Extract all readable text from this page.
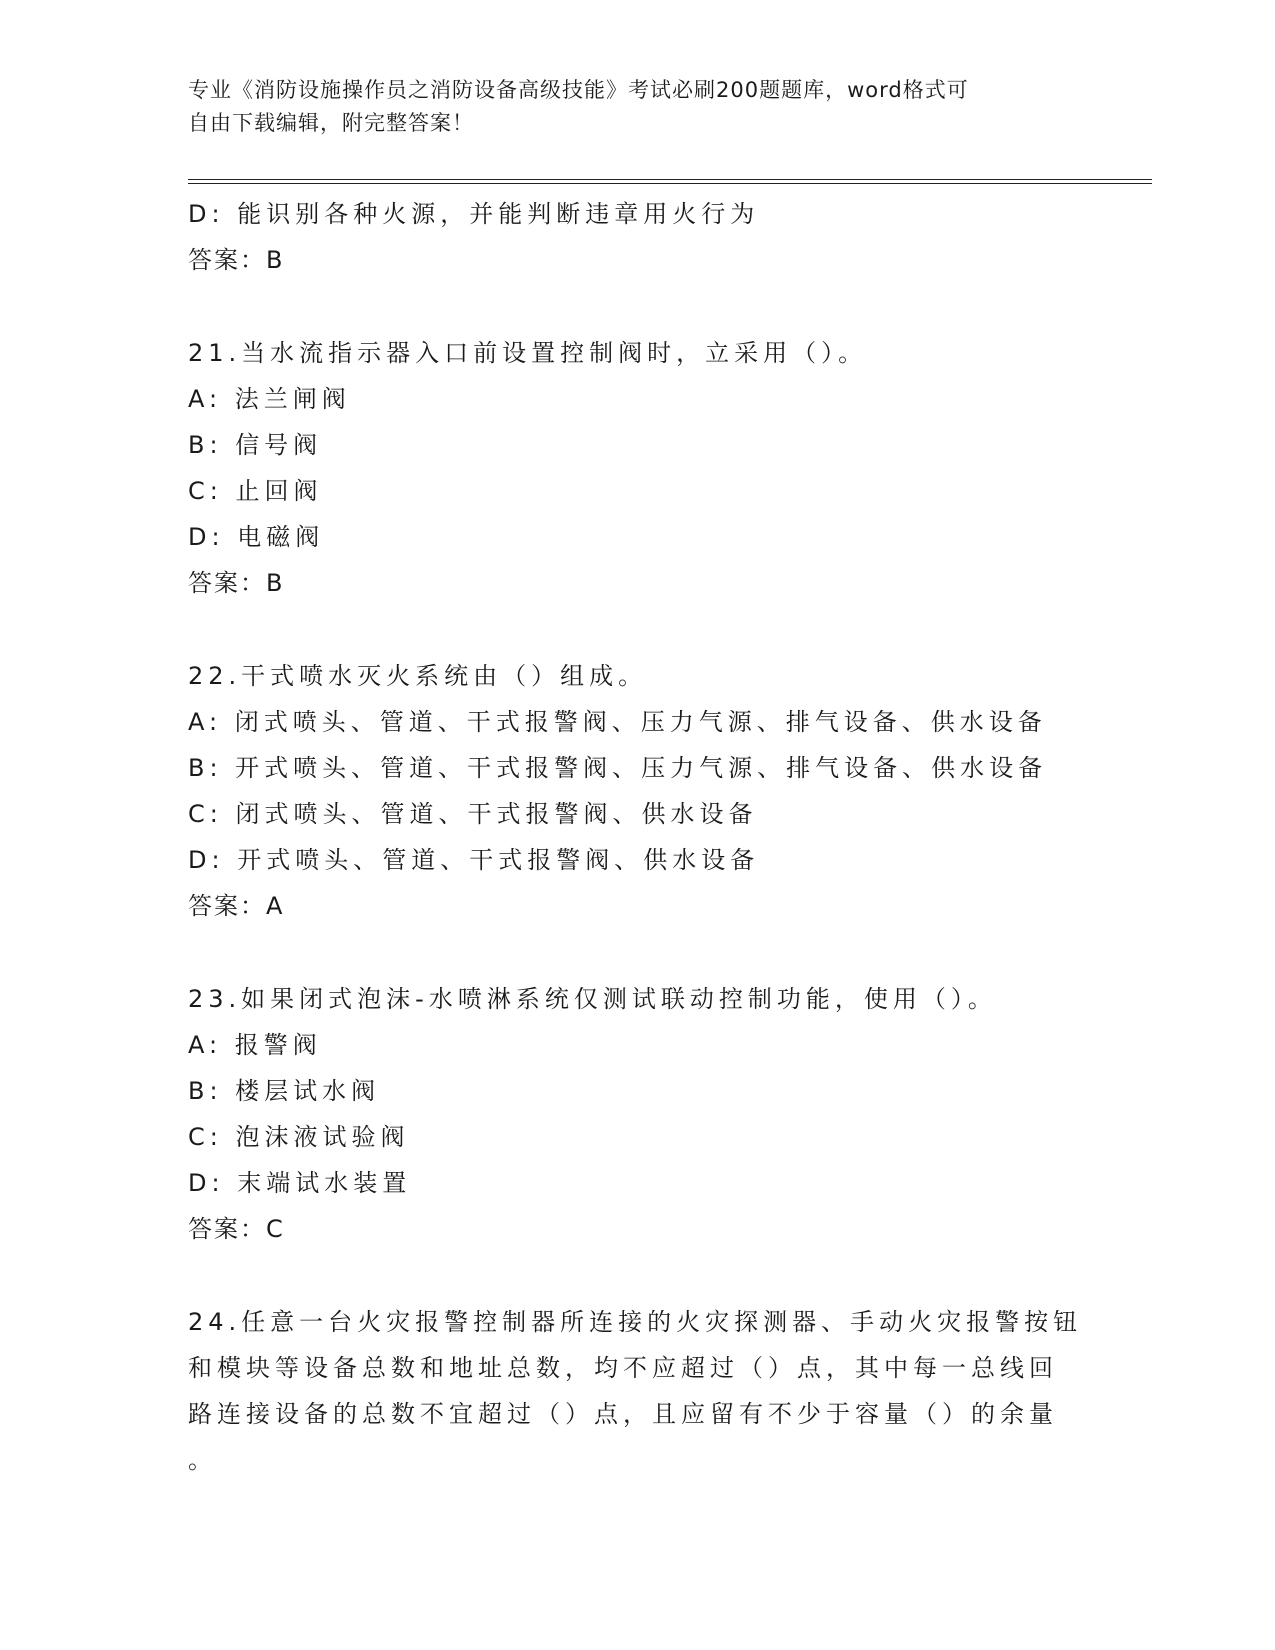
专业《消防设施操作员之消防设备高级技能》考试必刷200题题库，word格式可
自由下载编辑，附完整答案！
D: 能识别各种火源，并能判断违章用火行为
答案：B
21.当水流指示器入口前设置控制阀时，立采用（）。
A: 法兰闸阀
B: 信号阀
C: 止回阀
D: 电磁阀
答案：B
22.干式喷水灭火系统由（）组成。
A: 闭式喷头、管道、干式报警阀、压力气源、排气设备、供水设备
B: 开式喷头、管道、干式报警阀、压力气源、排气设备、供水设备
C: 闭式喷头、管道、干式报警阀、供水设备
D: 开式喷头、管道、干式报警阀、供水设备
答案：A
23.如果闭式泡沫-水喷淋系统仅测试联动控制功能，使用（）。
A: 报警阀
B: 楼层试水阀
C: 泡沫液试验阀
D: 末端试水装置
答案：C
24.任意一台火灾报警控制器所连接的火灾探测器、手动火灾报警按钮
和模块等设备总数和地址总数，均不应超过（）点，其中每一总线回
路连接设备的总数不宜超过（）点，且应留有不少于容量（）的余量
。
